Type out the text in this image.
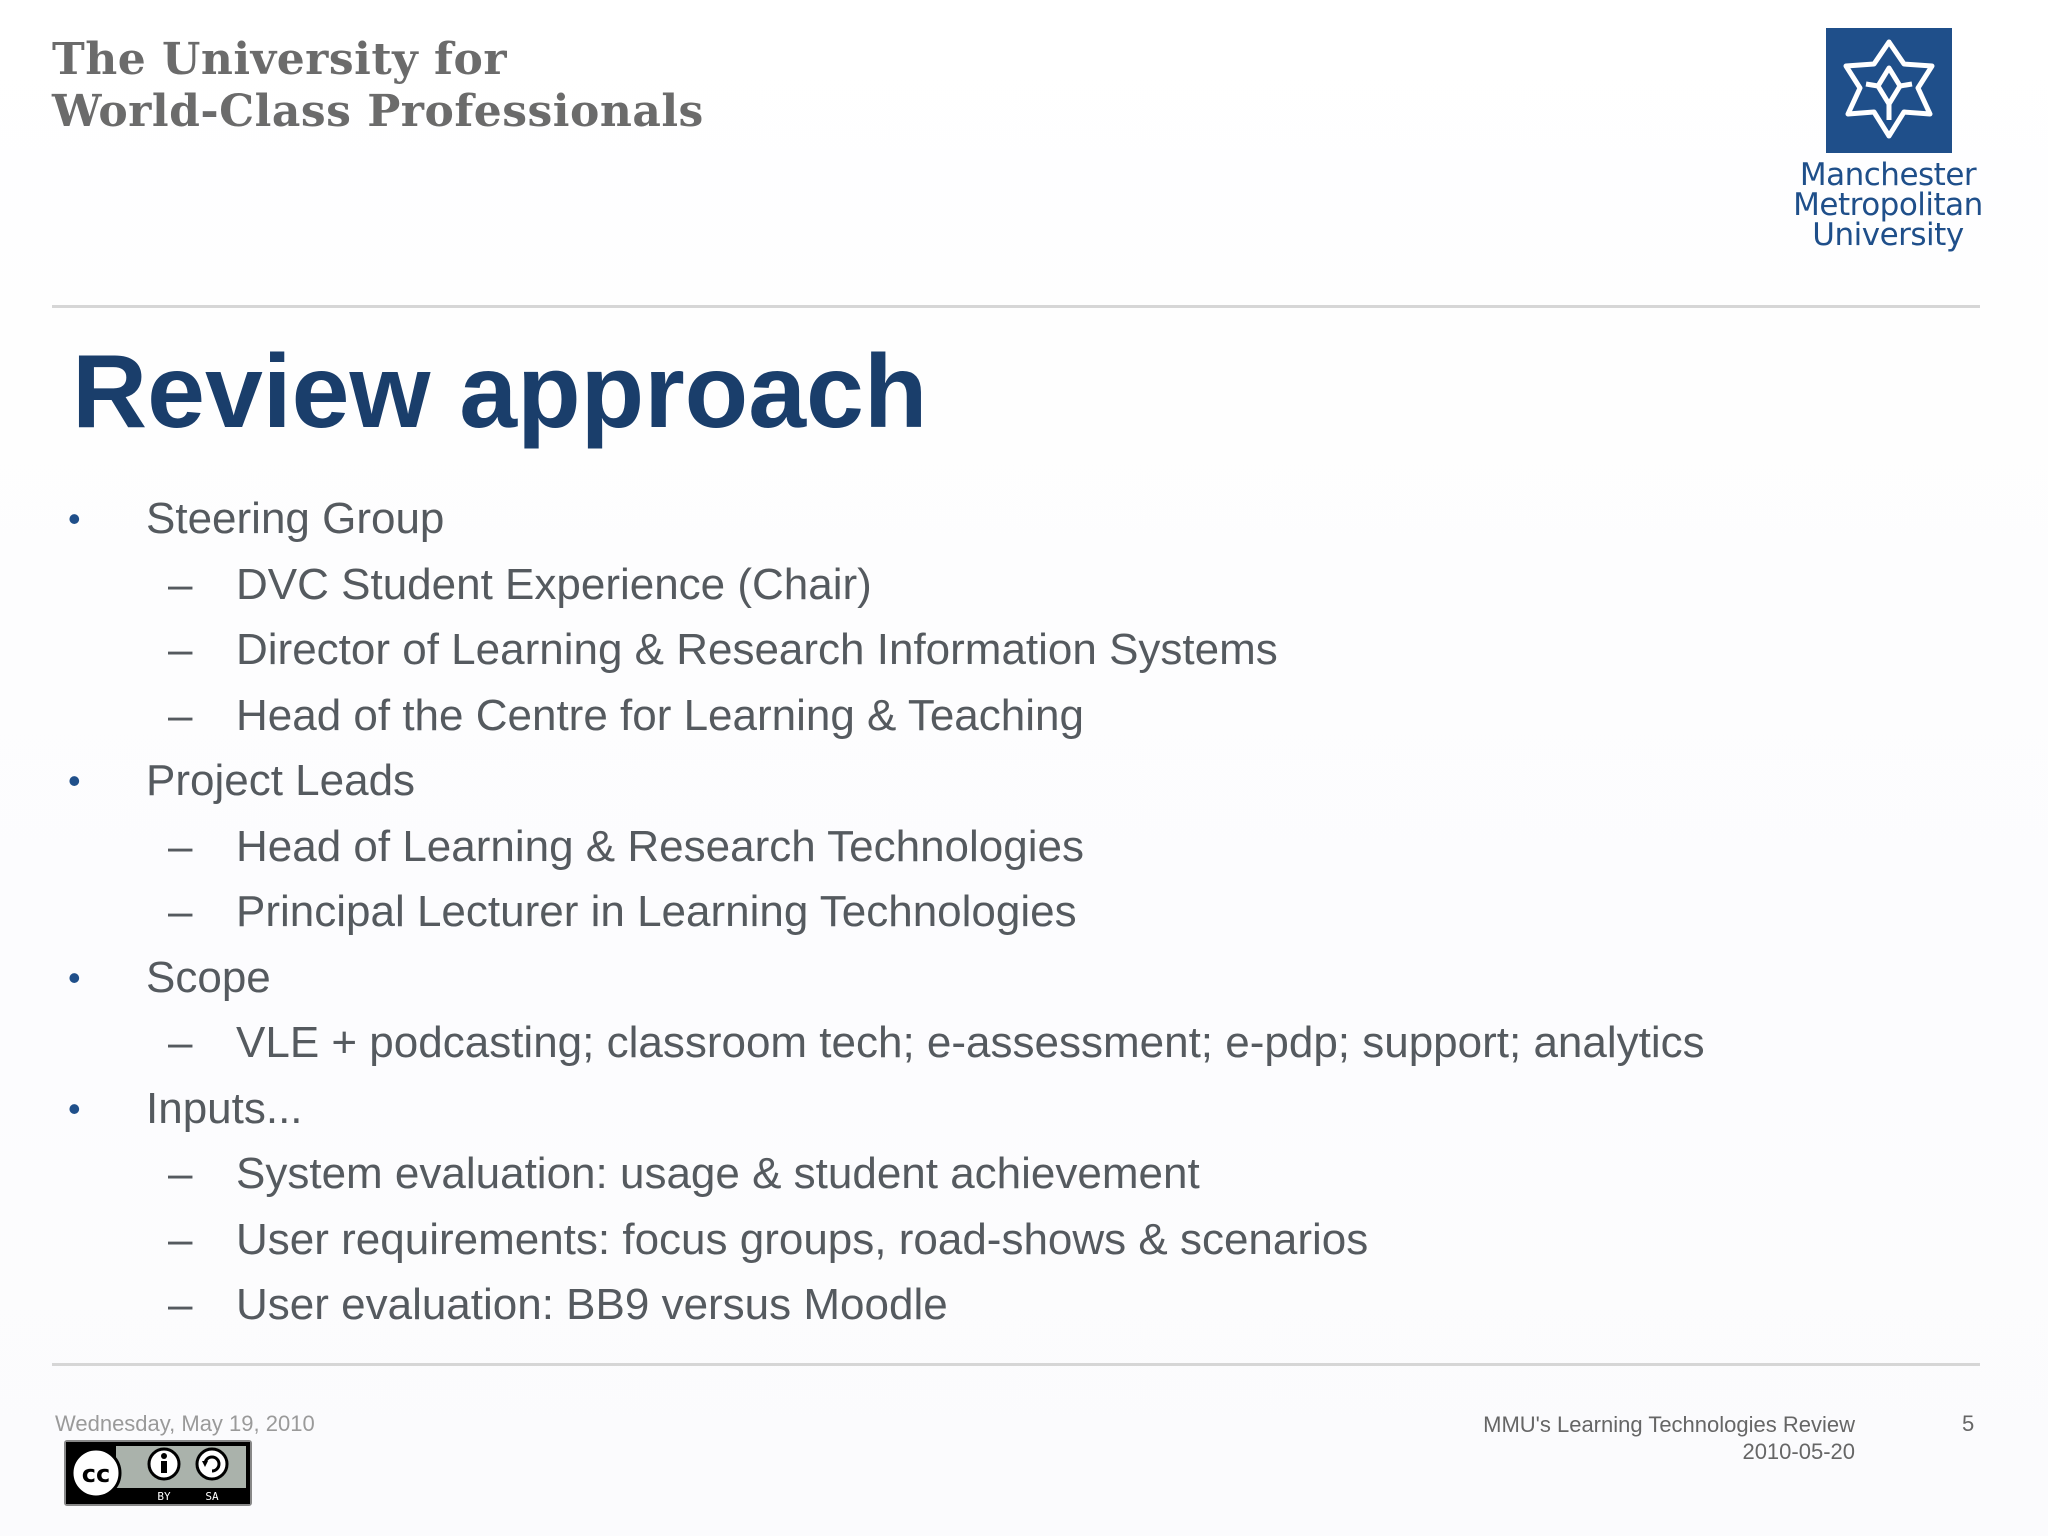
The University for
World-Class Professionals
Manchester
Metropolitan
University
Review approach
• Steering Group
– DVC Student Experience (Chair)
– Director of Learning & Research Information Systems
– Head of the Centre for Learning & Teaching
• Project Leads
– Head of Learning & Research Technologies
– Principal Lecturer in Learning Technologies
• Scope
– VLE + podcasting; classroom tech; e-assessment; e-pdp; support; analytics
• Inputs...
– System evaluation: usage & student achievement
– User requirements: focus groups, road-shows & scenarios
– User evaluation: BB9 versus Moodle
Wednesday, May 19, 2010	MMU's Learning Technologies Review
2010-05-20
5
cc
BY	SA
